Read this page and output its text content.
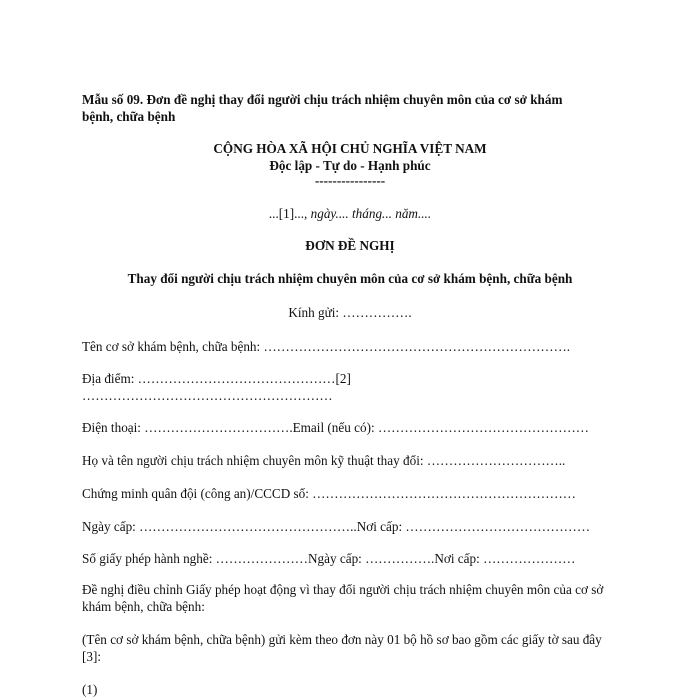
Mẫu số 09. Đơn đề nghị thay đổi người chịu trách nhiệm chuyên môn của cơ sở khám
bệnh, chữa bệnh
CỘNG HÒA XÃ HỘI CHỦ NGHĨA VIỆT NAM
Độc lập - Tự do - Hạnh phúc
----------------
...[1]..., ngày.... tháng... năm....
ĐƠN ĐỀ NGHỊ
Thay đổi người chịu trách nhiệm chuyên môn của cơ sở khám bệnh, chữa bệnh
Kính gửi: …………….
Tên cơ sở khám bệnh, chữa bệnh: …………………………………………………………….
Địa điểm: ………………………………………[2]
…………………………………………………
Điện thoại: …………………………….Email (nếu có): …………………………………………
Họ và tên người chịu trách nhiệm chuyên môn kỹ thuật thay đổi: …………………………..
Chứng minh quân đội (công an)/CCCD số: ……………………………………………………
Ngày cấp: …………………………………………..Nơi cấp: ……………………………………
Số giấy phép hành nghề: …………………Ngày cấp: …………….Nơi cấp: …………………
Đề nghị điều chỉnh Giấy phép hoạt động vì thay đổi người chịu trách nhiệm chuyên môn của cơ sở khám bệnh, chữa bệnh:
(Tên cơ sở khám bệnh, chữa bệnh) gửi kèm theo đơn này 01 bộ hồ sơ bao gồm các giấy tờ sau đây [3]:
(1)
